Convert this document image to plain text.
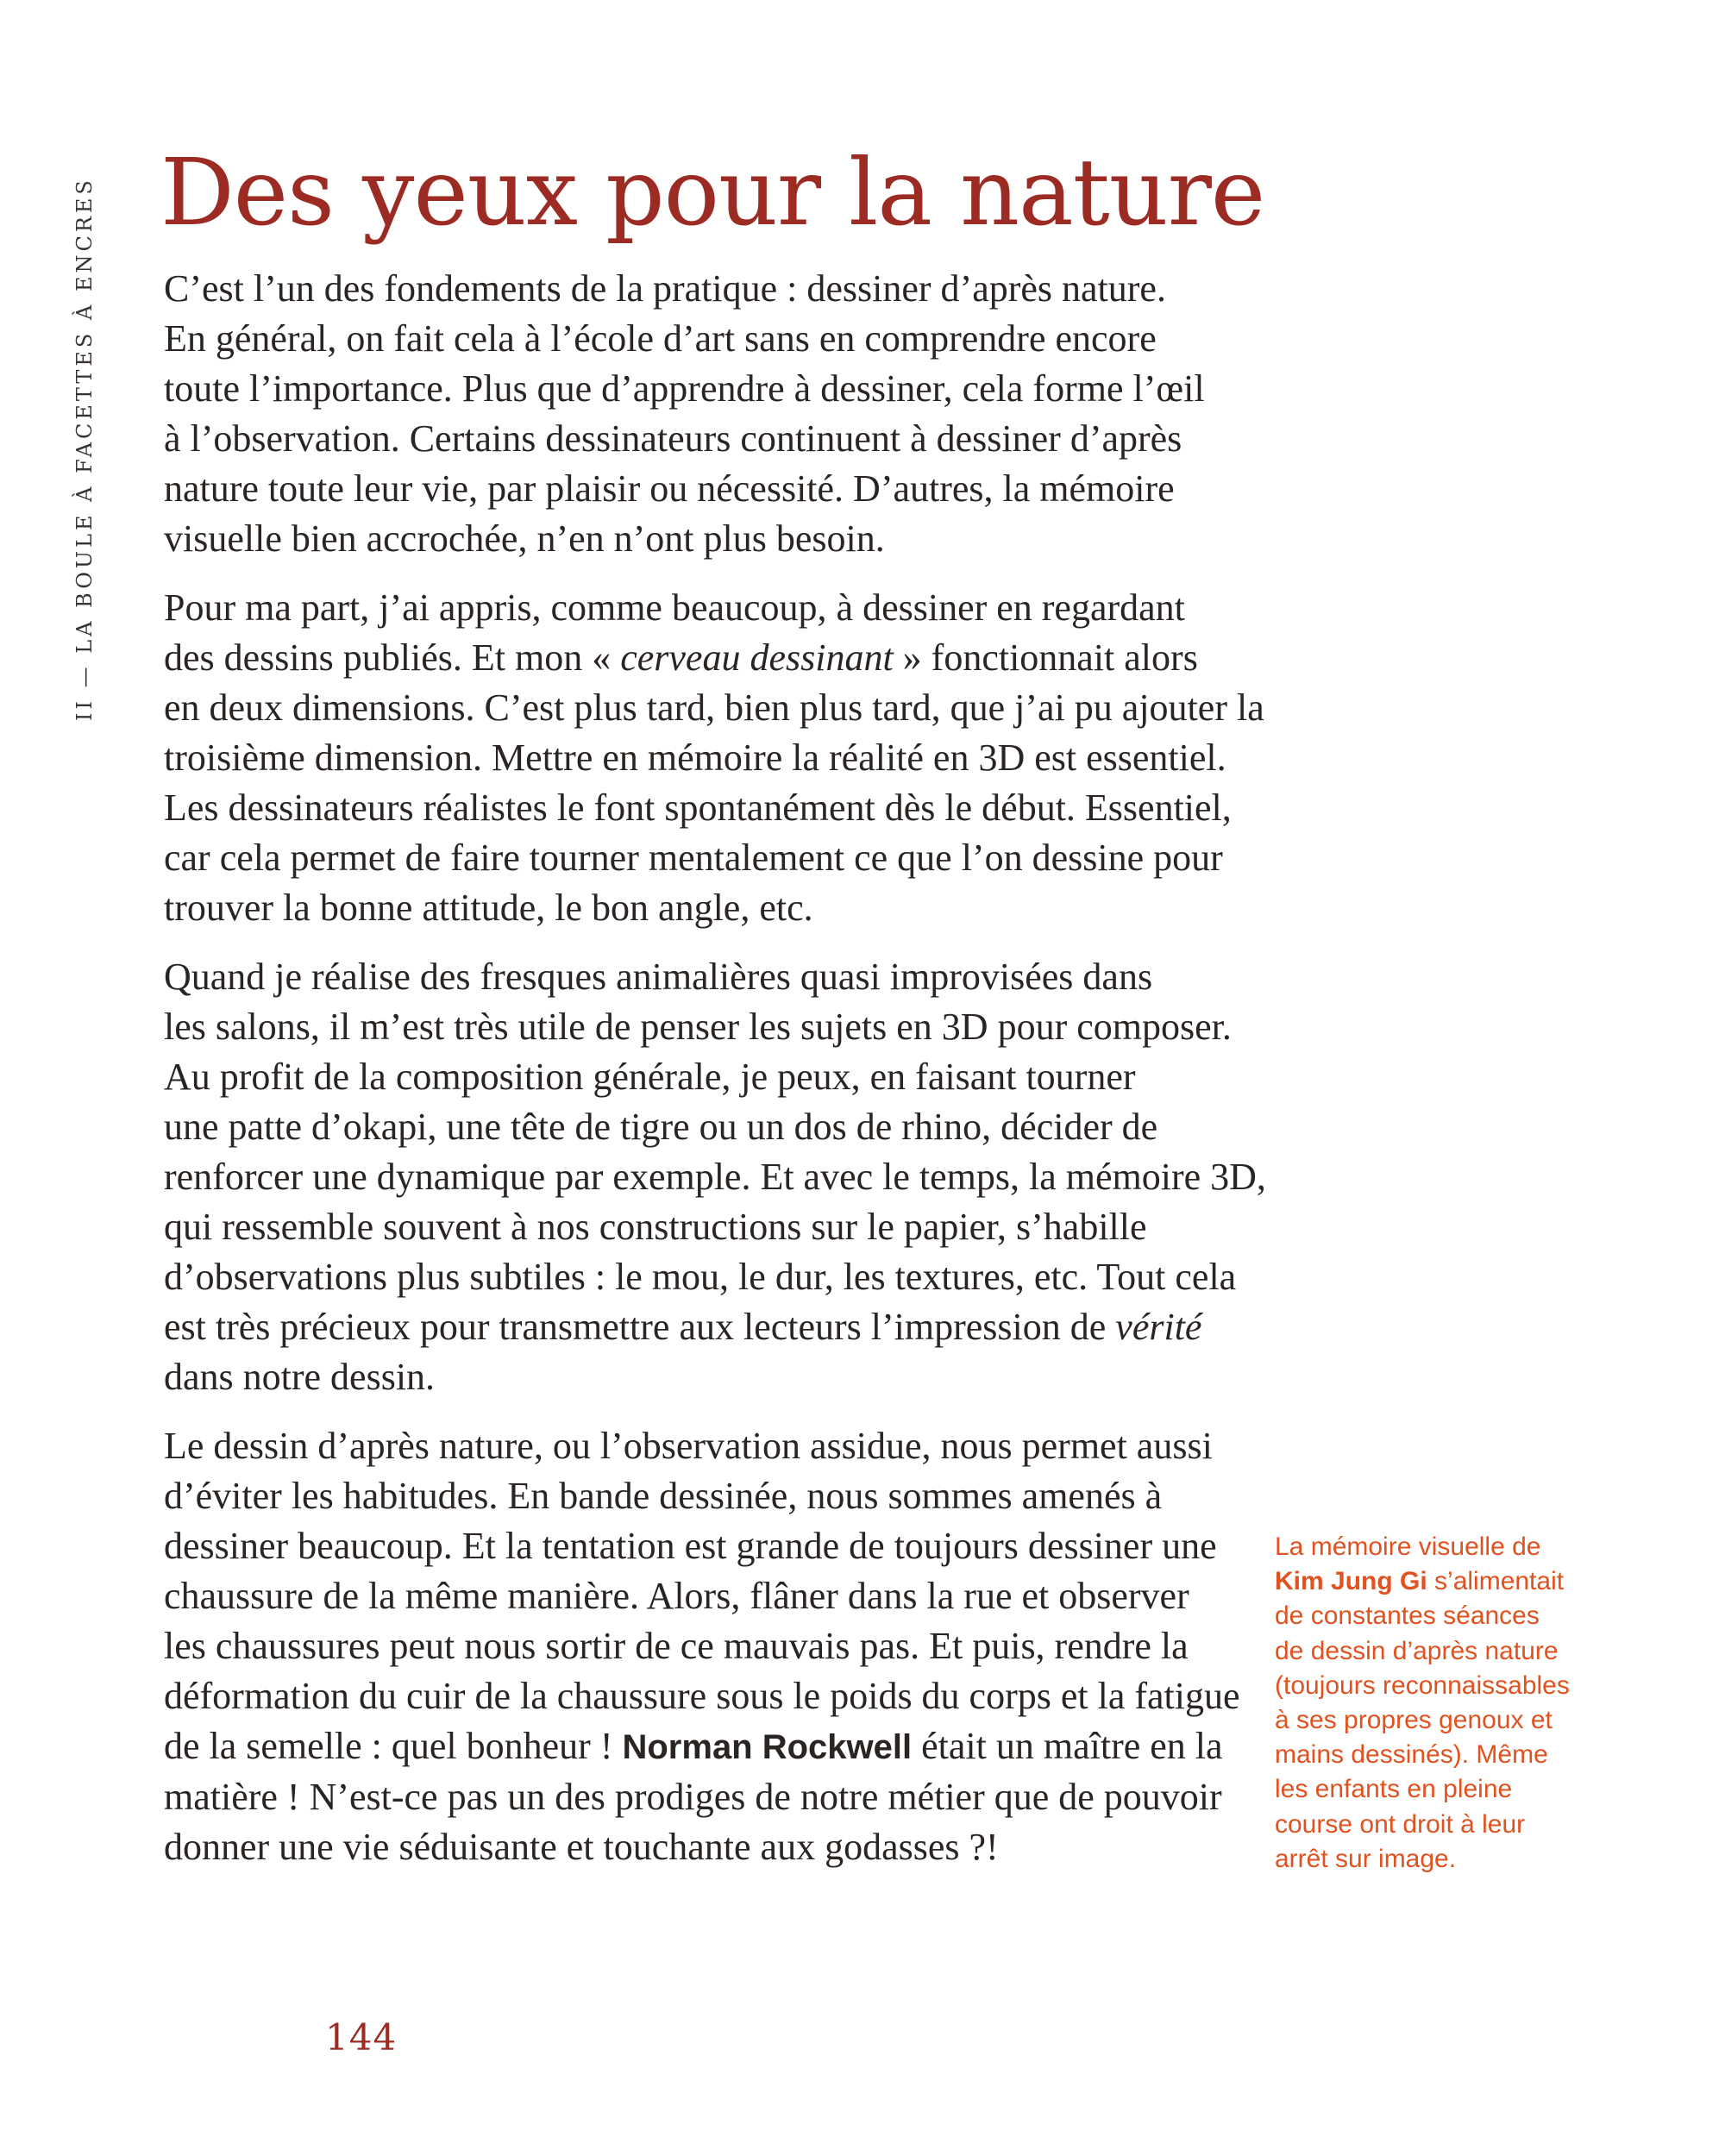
II — LA BOULE À FACETTES À ENCRES Des yeux pour la nature

C’est l’un des fondements de la pratique : dessiner d’après nature.
En général, on fait cela à l’école d’art sans en comprendre encore
toute l’importance. Plus que d’apprendre à dessiner, cela forme l’œil
à l’observation. Certains dessinateurs continuent à dessiner d’après
nature toute leur vie, par plaisir ou nécessité. D’autres, la mémoire
visuelle bien accrochée, n’en n’ont plus besoin.

Pour ma part, j’ai appris, comme beaucoup, à dessiner en regardant
des dessins publiés. Et mon « cerveau dessinant » fonctionnait alors
en deux dimensions. C’est plus tard, bien plus tard, que j’ai pu ajouter la
troisième dimension. Mettre en mémoire la réalité en 3D est essentiel.
Les dessinateurs réalistes le font spontanément dès le début. Essentiel,
car cela permet de faire tourner mentalement ce que l’on dessine pour
trouver la bonne attitude, le bon angle, etc.

Quand je réalise des fresques animalières quasi improvisées dans
les salons, il m’est très utile de penser les sujets en 3D pour composer.
Au profit de la composition générale, je peux, en faisant tourner
une patte d’okapi, une tête de tigre ou un dos de rhino, décider de
renforcer une dynamique par exemple. Et avec le temps, la mémoire 3D,
qui ressemble souvent à nos constructions sur le papier, s’habille
d’observations plus subtiles : le mou, le dur, les textures, etc. Tout cela
est très précieux pour transmettre aux lecteurs l’impression de vérité
dans notre dessin.

Le dessin d’après nature, ou l’observation assidue, nous permet aussi
d’éviter les habitudes. En bande dessinée, nous sommes amenés à
dessiner beaucoup. Et la tentation est grande de toujours dessiner une
chaussure de la même manière. Alors, flâner dans la rue et observer
les chaussures peut nous sortir de ce mauvais pas. Et puis, rendre la
déformation du cuir de la chaussure sous le poids du corps et la fatigue
de la semelle : quel bonheur ! Norman Rockwell était un maître en la
matière ! N’est-ce pas un des prodiges de notre métier que de pouvoir
donner une vie séduisante et touchante aux godasses ?!

La mémoire visuelle de
Kim Jung Gi s’alimentait
de constantes séances
de dessin d’après nature
(toujours reconnaissables
à ses propres genoux et
mains dessinés). Même
les enfants en pleine
course ont droit à leur
arrêt sur image.
144
